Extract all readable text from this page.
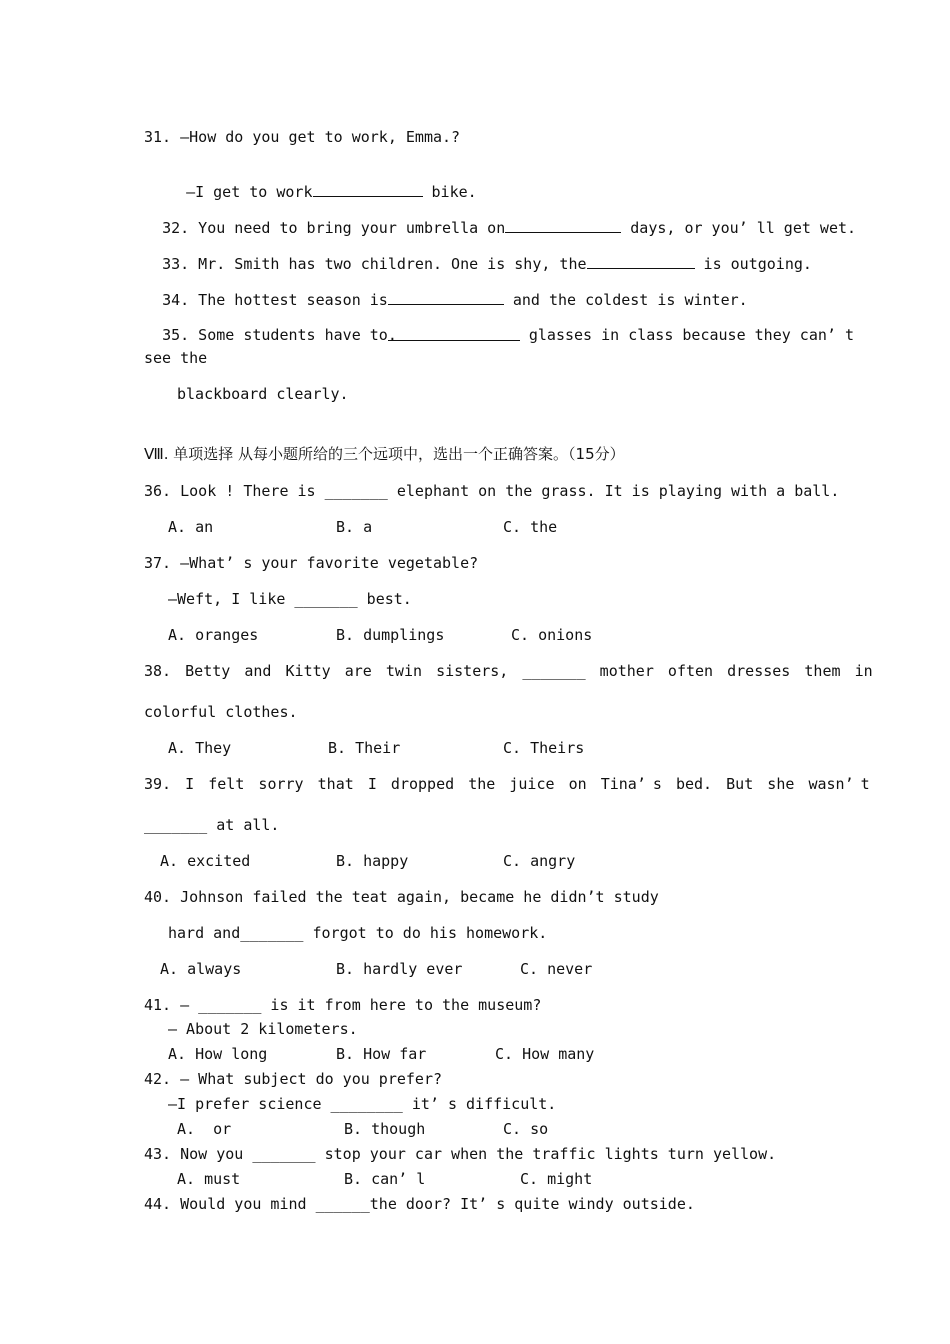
31. —How do you get to work, Emma.?

—I get to work	bike.

32. You need to bring your umbrella on	days, or you’ ll get wet.

33. Mr. Smith has two children. One is shy, the	is outgoing.

34. The hottest season is	and the coldest is winter.

35. Some students have to.	glasses in class because they can’ t

see the
blackboard clearly.
Ⅷ. 单项选择 从每小题所给的三个远项中，选出一个正确答案。（15分）
36. Look ! There is _______ elephant on the grass. It is playing with a ball.
A. an	B. a	C. the
37. —What’ s your favorite vegetable?
—Weft, I like _______ best.
A. oranges	B. dumplings	C. onions
38.  Betty  and  Kitty  are  twin  sisters,  _______  mother  often  dresses  them  in
colorful clothes.
A. They	B. Their	C. Theirs
39.  I  felt  sorry  that  I  dropped  the  juice  on  Tina’ s  bed.  But  she  wasn’ t
_______ at all.
A. excited	B. happy	C. angry
40. Johnson failed the teat again, became he didn’t study
hard and_______ forgot to do his homework.
A. always	B. hardly ever	C. never
41. — _______ is it from here to the museum?
— About 2 kilometers.
A. How long	B. How far	C. How many
42. — What subject do you prefer?
—I prefer science ________ it’ s difficult.
A.  or	B. though	C. so
43. Now you _______ stop your car when the traffic lights turn yellow.
A. must	B. can’ l	C. might
44. Would you mind ______the door? It’ s quite windy outside.
